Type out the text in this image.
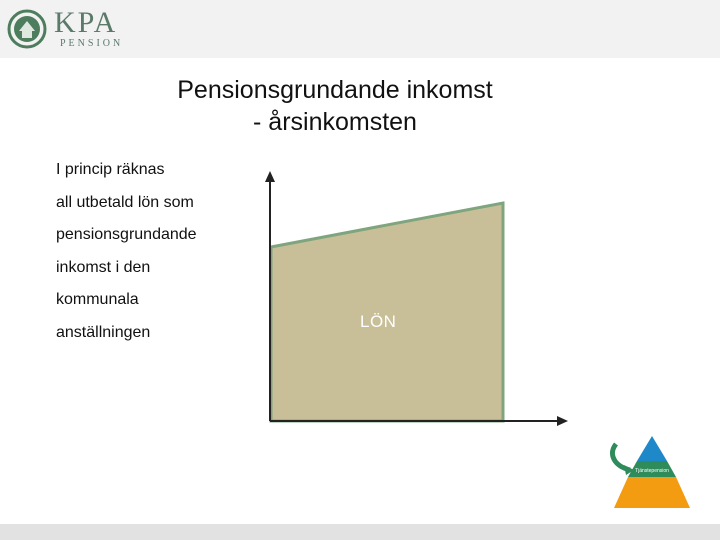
KPA
PENSION
Pensionsgrundande inkomst
- årsinkomsten
I princip räknas
all utbetald lön som
pensionsgrundande
inkomst i den
kommunala
anställningen
LÖN
Tjänstepension
